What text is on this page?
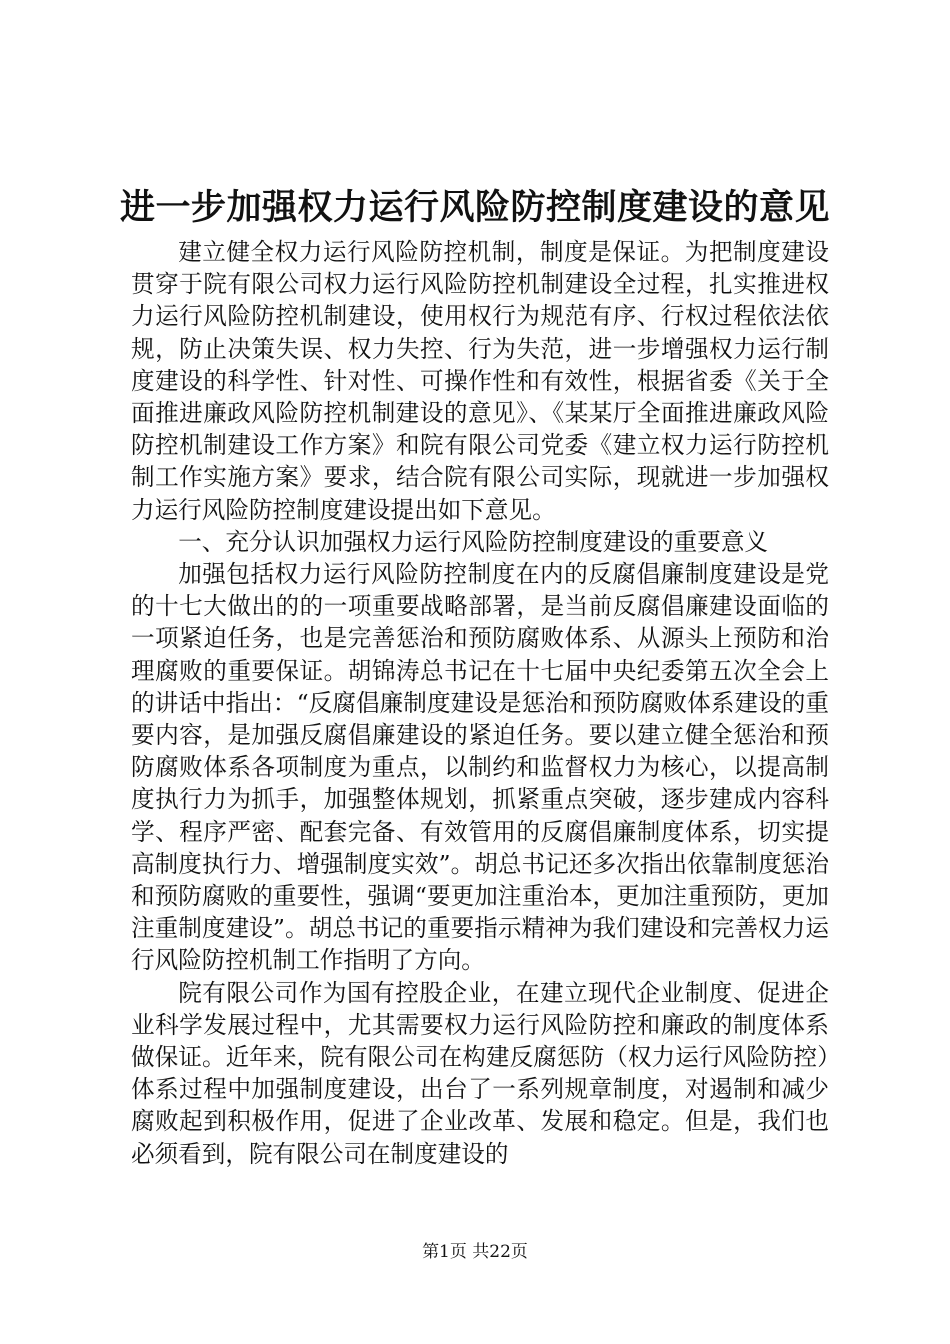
进一步加强权力运行风险防控制度建设的意见

建立健全权力运行风险防控机制，制度是保证。为把制度建设贯穿于院有限公司权力运行风险防控机制建设全过程，扎实推进权力运行风险防控机制建设，使用权行为规范有序、行权过程依法依规，防止决策失误、权力失控、行为失范，进一步增强权力运行制度建设的科学性、针对性、可操作性和有效性，根据省委《关于全面推进廉政风险防控机制建设的意见》、《某某厅全面推进廉政风险防控机制建设工作方案》和院有限公司党委《建立权力运行防控机制工作实施方案》要求，结合院有限公司实际，现就进一步加强权力运行风险防控制度建设提出如下意见。

一、充分认识加强权力运行风险防控制度建设的重要意义

加强包括权力运行风险防控制度在内的反腐倡廉制度建设是党的十七大做出的的一项重要战略部署，是当前反腐倡廉建设面临的一项紧迫任务，也是完善惩治和预防腐败体系、从源头上预防和治理腐败的重要保证。胡锦涛总书记在十七届中央纪委第五次全会上的讲话中指出：“反腐倡廉制度建设是惩治和预防腐败体系建设的重要内容，是加强反腐倡廉建设的紧迫任务。要以建立健全惩治和预防腐败体系各项制度为重点，以制约和监督权力为核心，以提高制度执行力为抓手，加强整体规划，抓紧重点突破，逐步建成内容科学、程序严密、配套完备、有效管用的反腐倡廉制度体系，切实提高制度执行力、增强制度实效”。胡总书记还多次指出依靠制度惩治和预防腐败的重要性，强调“要更加注重治本，更加注重预防，更加注重制度建设”。胡总书记的重要指示精神为我们建设和完善权力运行风险防控机制工作指明了方向。

院有限公司作为国有控股企业，在建立现代企业制度、促进企业科学发展过程中，尤其需要权力运行风险防控和廉政的制度体系做保证。近年来，院有限公司在构建反腐惩防（权力运行风险防控）体系过程中加强制度建设，出台了一系列规章制度，对遏制和减少腐败起到积极作用，促进了企业改革、发展和稳定。但是，我们也必须看到，院有限公司在制度建设的

第1页 共22页
